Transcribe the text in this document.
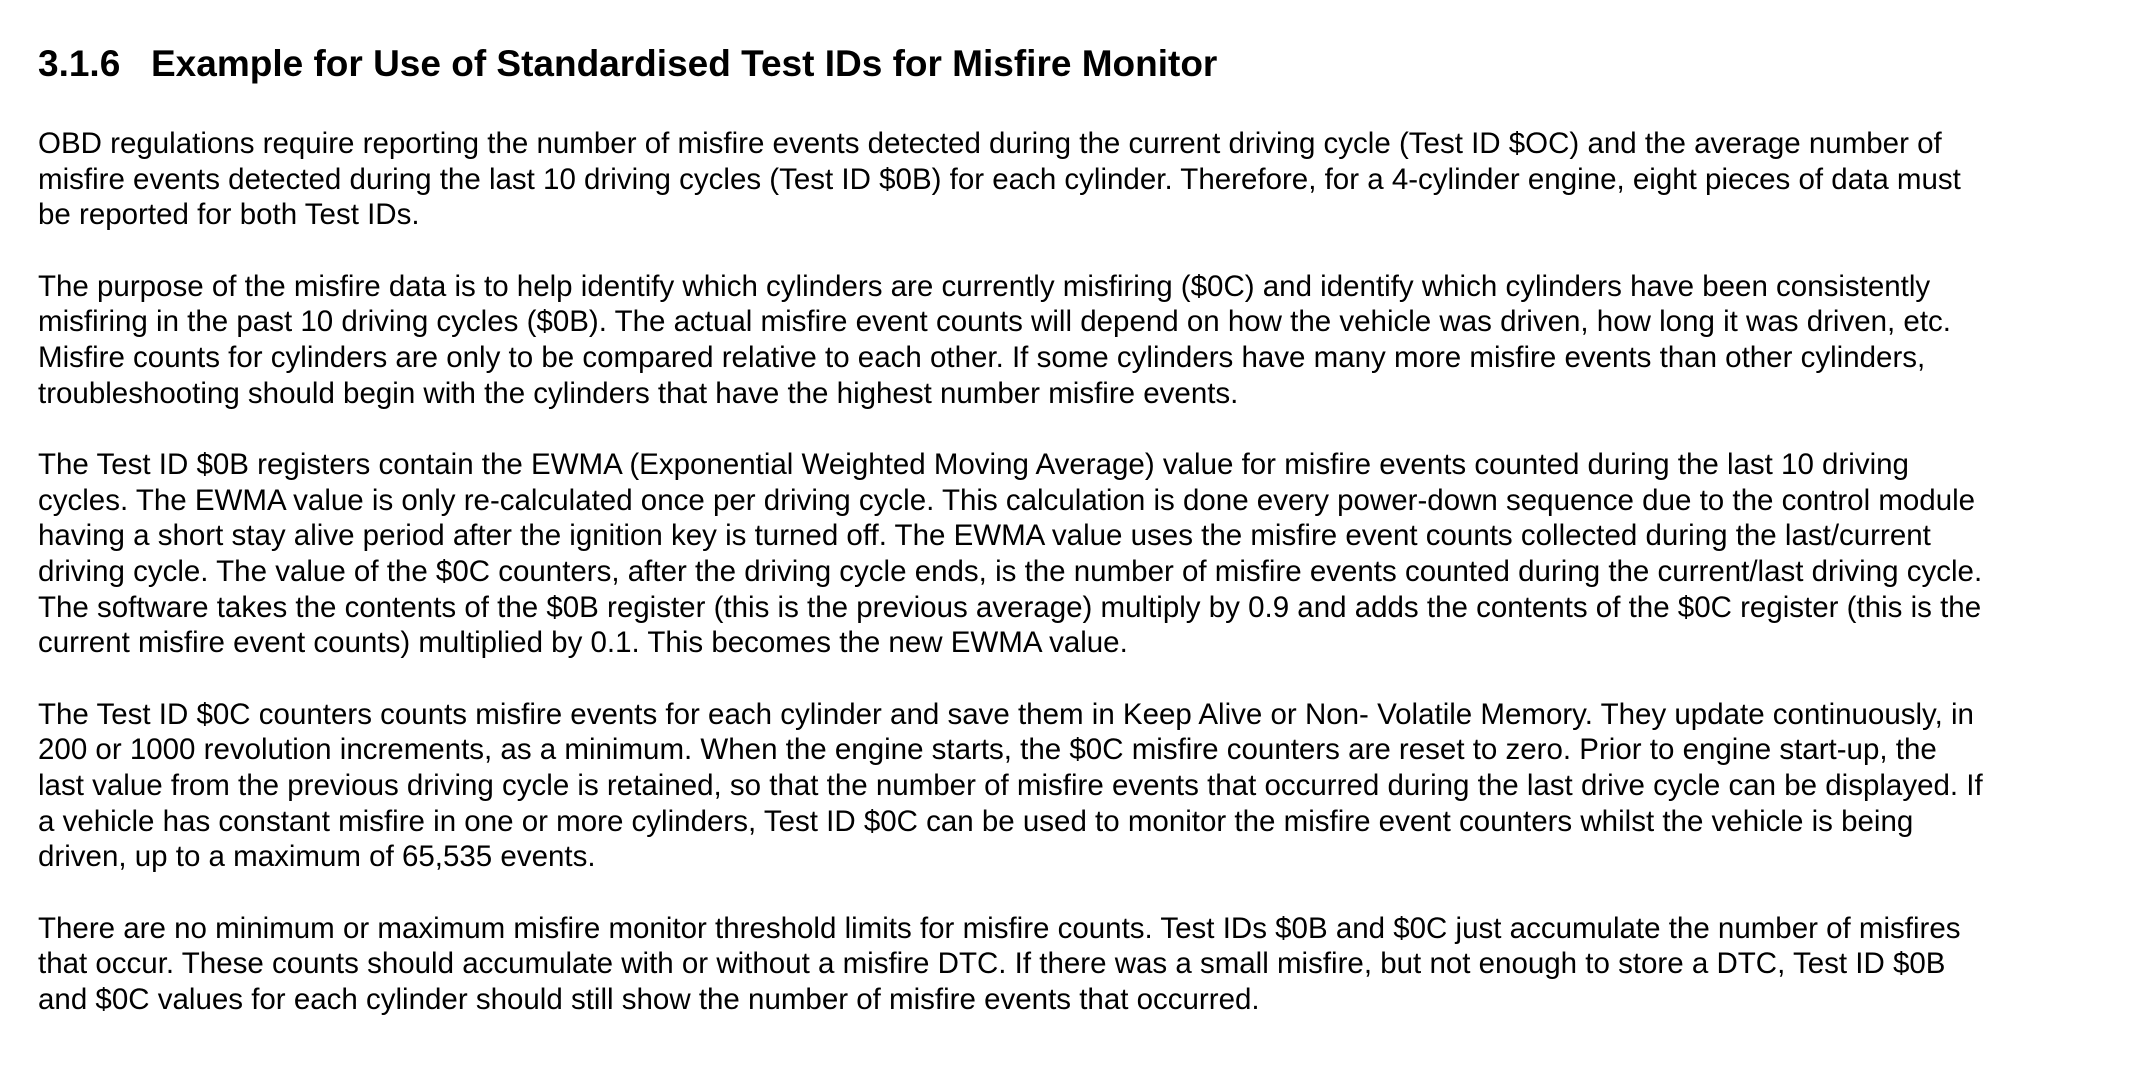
3.1.6 Example for Use of Standardised Test IDs for Misfire Monitor
OBD regulations require reporting the number of misfire events detected during the current driving cycle (Test ID $OC) and the average number of
misfire events detected during the last 10 driving cycles (Test ID $0B) for each cylinder. Therefore, for a 4-cylinder engine, eight pieces of data must
be reported for both Test IDs.
The purpose of the misfire data is to help identify which cylinders are currently misfiring ($0C) and identify which cylinders have been consistently
misfiring in the past 10 driving cycles ($0B). The actual misfire event counts will depend on how the vehicle was driven, how long it was driven, etc.
Misfire counts for cylinders are only to be compared relative to each other. If some cylinders have many more misfire events than other cylinders,
troubleshooting should begin with the cylinders that have the highest number misfire events.
The Test ID $0B registers contain the EWMA (Exponential Weighted Moving Average) value for misfire events counted during the last 10 driving
cycles. The EWMA value is only re-calculated once per driving cycle. This calculation is done every power-down sequence due to the control module
having a short stay alive period after the ignition key is turned off. The EWMA value uses the misfire event counts collected during the last/current
driving cycle. The value of the $0C counters, after the driving cycle ends, is the number of misfire events counted during the current/last driving cycle.
The software takes the contents of the $0B register (this is the previous average) multiply by 0.9 and adds the contents of the $0C register (this is the
current misfire event counts) multiplied by 0.1. This becomes the new EWMA value.
The Test ID $0C counters counts misfire events for each cylinder and save them in Keep Alive or Non- Volatile Memory. They update continuously, in
200 or 1000 revolution increments, as a minimum. When the engine starts, the $0C misfire counters are reset to zero. Prior to engine start-up, the
last value from the previous driving cycle is retained, so that the number of misfire events that occurred during the last drive cycle can be displayed. If
a vehicle has constant misfire in one or more cylinders, Test ID $0C can be used to monitor the misfire event counters whilst the vehicle is being
driven, up to a maximum of 65,535 events.
There are no minimum or maximum misfire monitor threshold limits for misfire counts. Test IDs $0B and $0C just accumulate the number of misfires
that occur. These counts should accumulate with or without a misfire DTC. If there was a small misfire, but not enough to store a DTC, Test ID $0B
and $0C values for each cylinder should still show the number of misfire events that occurred.
